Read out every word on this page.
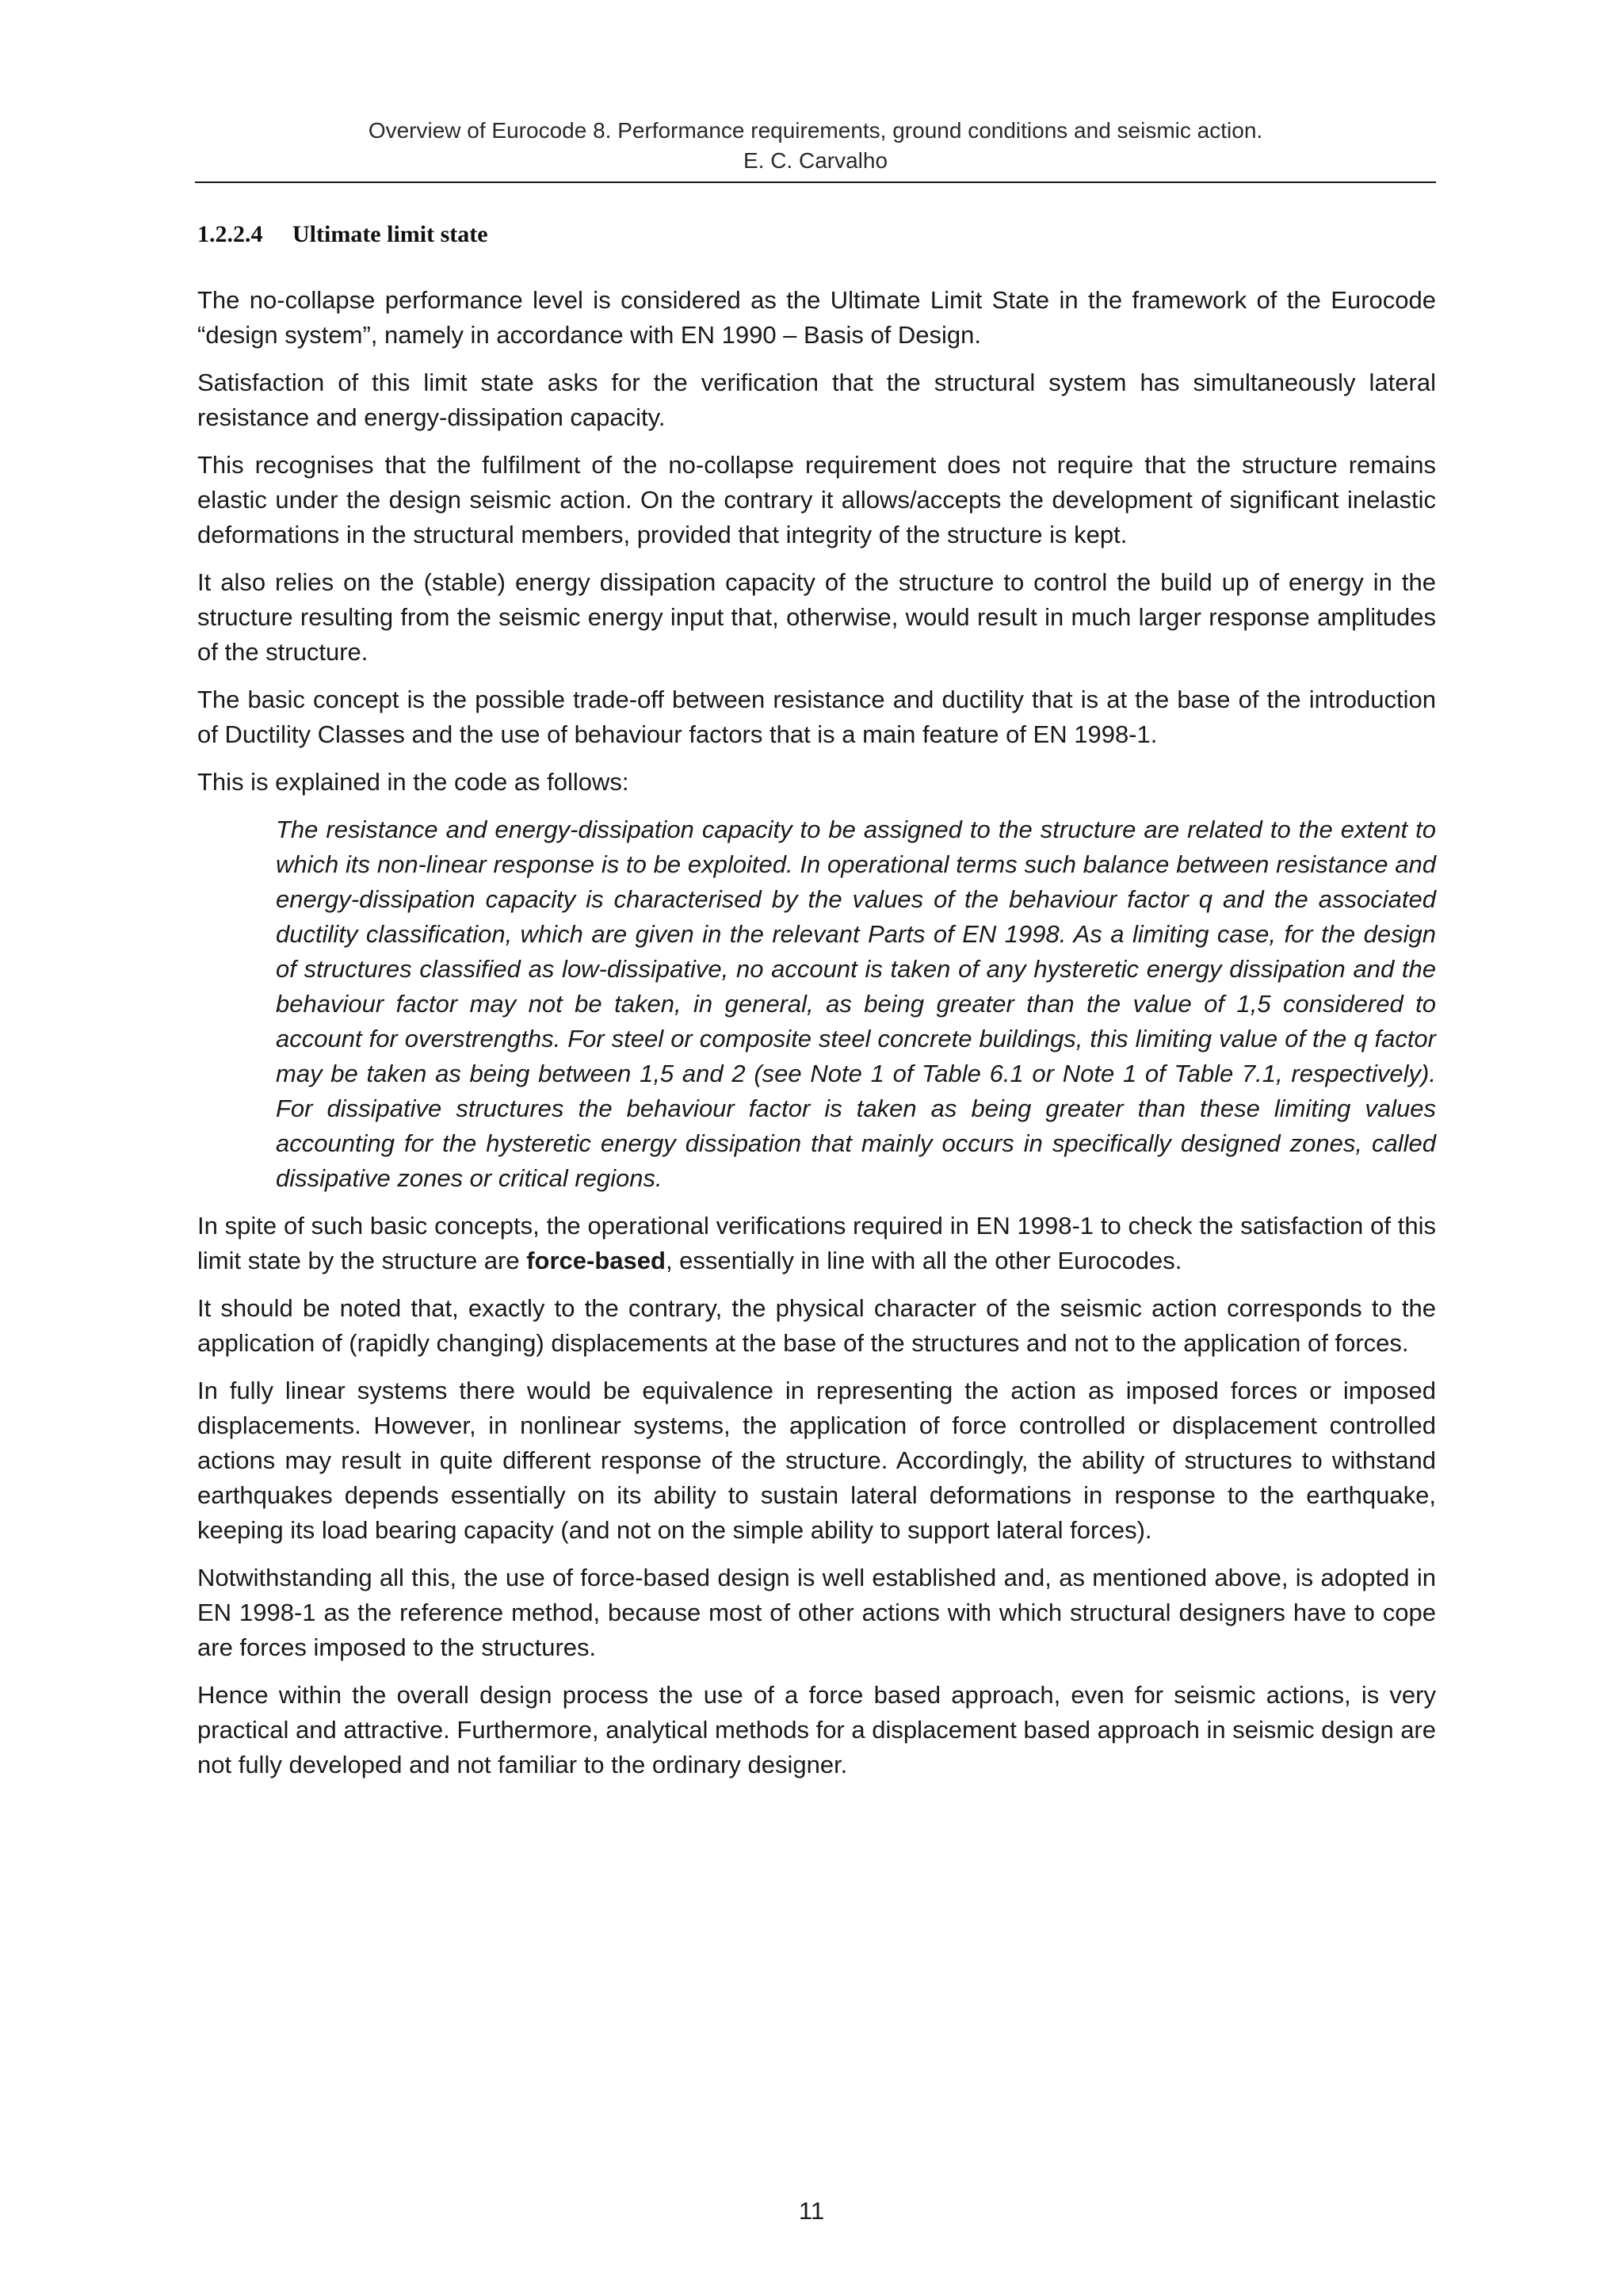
Overview of Eurocode 8. Performance requirements, ground conditions and seismic action.
E. C. Carvalho
1.2.2.4 Ultimate limit state

The no-collapse performance level is considered as the Ultimate Limit State in the framework of the Eurocode “design system”, namely in accordance with EN 1990 – Basis of Design.

Satisfaction of this limit state asks for the verification that the structural system has simultaneously lateral resistance and energy-dissipation capacity.

This recognises that the fulfilment of the no-collapse requirement does not require that the structure remains elastic under the design seismic action. On the contrary it allows/accepts the development of significant inelastic deformations in the structural members, provided that integrity of the structure is kept.

It also relies on the (stable) energy dissipation capacity of the structure to control the build up of energy in the structure resulting from the seismic energy input that, otherwise, would result in much larger response amplitudes of the structure.

The basic concept is the possible trade-off between resistance and ductility that is at the base of the introduction of Ductility Classes and the use of behaviour factors that is a main feature of EN 1998-1.

This is explained in the code as follows:

The resistance and energy-dissipation capacity to be assigned to the structure are related to the extent to which its non-linear response is to be exploited. In operational terms such balance between resistance and energy-dissipation capacity is characterised by the values of the behaviour factor q and the associated ductility classification, which are given in the relevant Parts of EN 1998. As a limiting case, for the design of structures classified as low-dissipative, no account is taken of any hysteretic energy dissipation and the behaviour factor may not be taken, in general, as being greater than the value of 1,5 considered to account for overstrengths. For steel or composite steel concrete buildings, this limiting value of the q factor may be taken as being between 1,5 and 2 (see Note 1 of Table 6.1 or Note 1 of Table 7.1, respectively). For dissipative structures the behaviour factor is taken as being greater than these limiting values accounting for the hysteretic energy dissipation that mainly occurs in specifically designed zones, called dissipative zones or critical regions.

In spite of such basic concepts, the operational verifications required in EN 1998-1 to check the satisfaction of this limit state by the structure are force-based, essentially in line with all the other Eurocodes.

It should be noted that, exactly to the contrary, the physical character of the seismic action corresponds to the application of (rapidly changing) displacements at the base of the structures and not to the application of forces.

In fully linear systems there would be equivalence in representing the action as imposed forces or imposed displacements. However, in nonlinear systems, the application of force controlled or displacement controlled actions may result in quite different response of the structure. Accordingly, the ability of structures to withstand earthquakes depends essentially on its ability to sustain lateral deformations in response to the earthquake, keeping its load bearing capacity (and not on the simple ability to support lateral forces).

Notwithstanding all this, the use of force-based design is well established and, as mentioned above, is adopted in EN 1998-1 as the reference method, because most of other actions with which structural designers have to cope are forces imposed to the structures.

Hence within the overall design process the use of a force based approach, even for seismic actions, is very practical and attractive. Furthermore, analytical methods for a displacement based approach in seismic design are not fully developed and not familiar to the ordinary designer.

11
